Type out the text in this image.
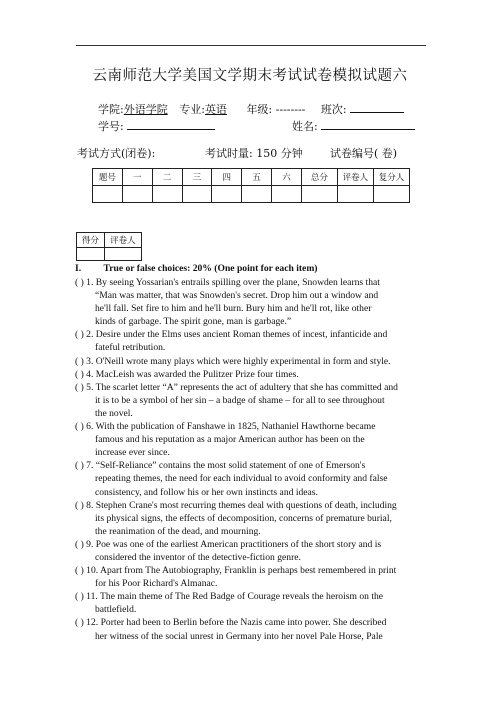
云南师范大学美国文学期末考试试卷模拟试题六
学院:外语学院 专业:英语 年级: -------- 班次:
学号:	姓名:
考试方式(闭卷):	考试时量: 150 分钟 试卷编号( 卷)
题号	一	二	三	四	五	六	总分	评卷人	复分人

得分	评卷人

I. True or false choices: 20% (One point for each item)
( ) 1. By seeing Yossarian's entrails spilling over the plane, Snowden learns that
“Man was matter, that was Snowden's secret. Drop him out a window and
he'll fall. Set fire to him and he'll burn. Bury him and he'll rot, like other
kinds of garbage. The spirit gone, man is garbage.”
( ) 2. Desire under the Elms uses ancient Roman themes of incest, infanticide and
fateful retribution.
( ) 3. O'Neill wrote many plays which were highly experimental in form and style.
( ) 4. MacLeish was awarded the Pulitzer Prize four times.
( ) 5. The scarlet letter “A” represents the act of adultery that she has committed and
it is to be a symbol of her sin – a badge of shame – for all to see throughout
the novel.
( ) 6. With the publication of Fanshawe in 1825, Nathaniel Hawthorne became
famous and his reputation as a major American author has been on the
increase ever since.
( ) 7. “Self-Reliance” contains the most solid statement of one of Emerson's
repeating themes, the need for each individual to avoid conformity and false
consistency, and follow his or her own instincts and ideas.
( ) 8. Stephen Crane's most recurring themes deal with questions of death, including
its physical signs, the effects of decomposition, concerns of premature burial,
the reanimation of the dead, and mourning.
( ) 9. Poe was one of the earliest American practitioners of the short story and is
considered the inventor of the detective-fiction genre.
( ) 10. Apart from The Autobiography, Franklin is perhaps best remembered in print
for his Poor Richard's Almanac.
( ) 11. The main theme of The Red Badge of Courage reveals the heroism on the
battlefield.
( ) 12. Porter had been to Berlin before the Nazis came into power. She described
her witness of the social unrest in Germany into her novel Pale Horse, Pale
